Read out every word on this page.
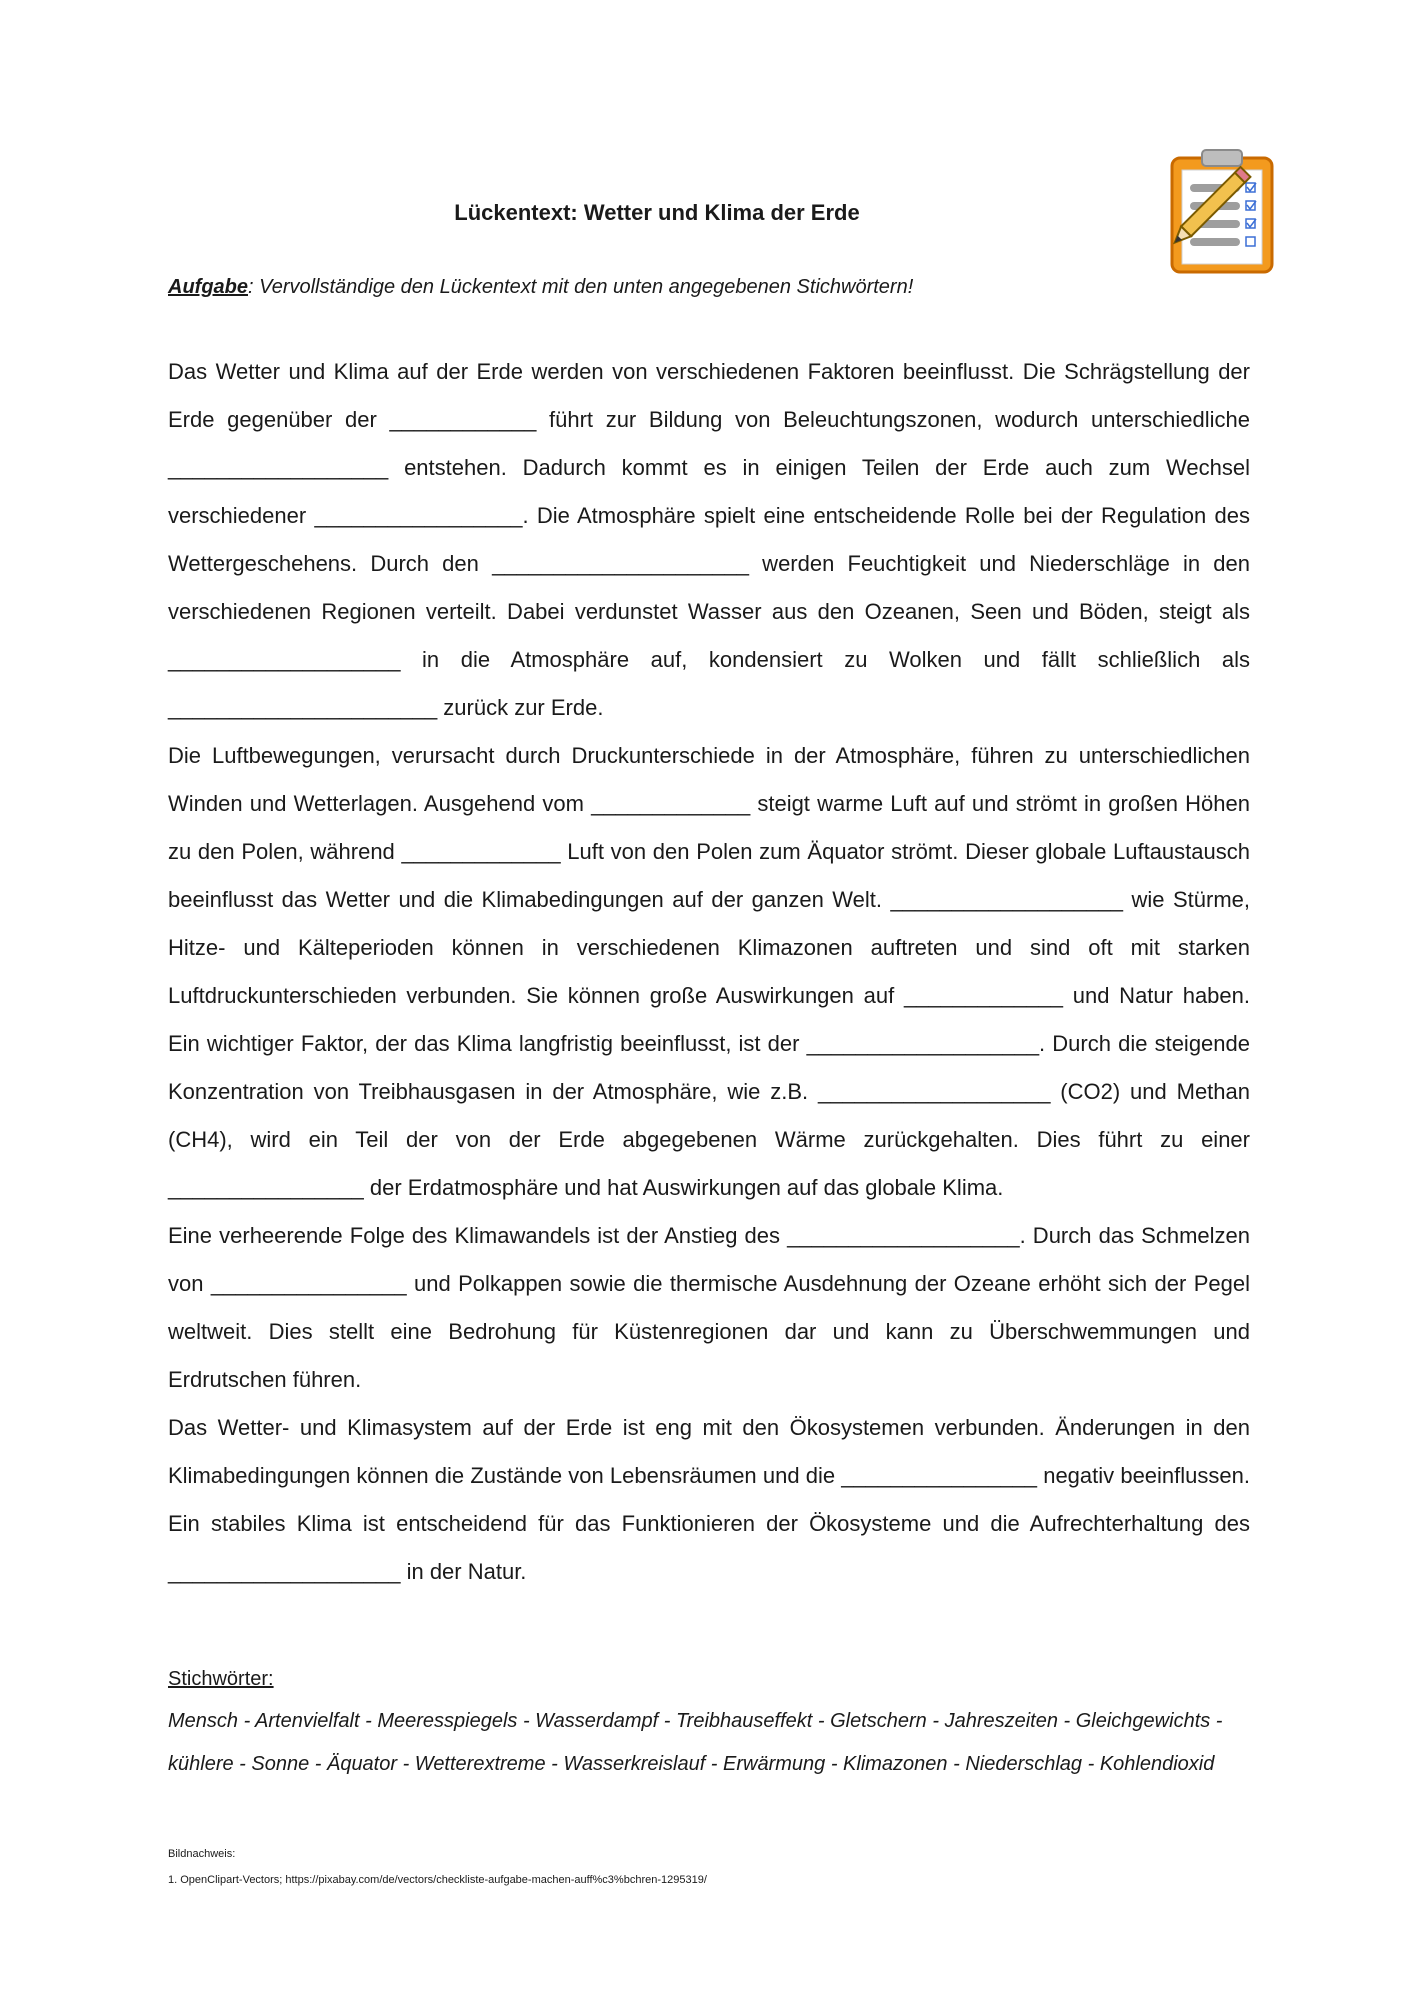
Lückentext: Wetter und Klima der Erde
Aufgabe: Vervollständige den Lückentext mit den unten angegebenen Stichwörtern!

Das Wetter und Klima auf der Erde werden von verschiedenen Faktoren beeinflusst. Die Schrägstellung der Erde gegenüber der ____________ führt zur Bildung von Beleuchtungszonen, wodurch unterschiedliche __________________ entstehen. Dadurch kommt es in einigen Teilen der Erde auch zum Wechsel verschiedener _________________. Die Atmosphäre spielt eine entscheidende Rolle bei der Regulation des Wettergeschehens. Durch den _____________________ werden Feuchtigkeit und Niederschläge in den verschiedenen Regionen verteilt. Dabei verdunstet Wasser aus den Ozeanen, Seen und Böden, steigt als ___________________ in die Atmosphäre auf, kondensiert zu Wolken und fällt schließlich als ______________________ zurück zur Erde.

Die Luftbewegungen, verursacht durch Druckunterschiede in der Atmosphäre, führen zu unterschiedlichen Winden und Wetterlagen. Ausgehend vom _____________ steigt warme Luft auf und strömt in großen Höhen zu den Polen, während _____________ Luft von den Polen zum Äquator strömt. Dieser globale Luftaustausch beeinflusst das Wetter und die Klimabedingungen auf der ganzen Welt. ___________________ wie Stürme, Hitze- und Kälteperioden können in verschiedenen Klimazonen auftreten und sind oft mit starken Luftdruckunterschieden verbunden. Sie können große Auswirkungen auf _____________ und Natur haben. Ein wichtiger Faktor, der das Klima langfristig beeinflusst, ist der ___________________. Durch die steigende Konzentration von Treibhausgasen in der Atmosphäre, wie z.B. ___________________ (CO2) und Methan (CH4), wird ein Teil der von der Erde abgegebenen Wärme zurückgehalten. Dies führt zu einer ________________ der Erdatmosphäre und hat Auswirkungen auf das globale Klima.

Eine verheerende Folge des Klimawandels ist der Anstieg des ___________________. Durch das Schmelzen von ________________ und Polkappen sowie die thermische Ausdehnung der Ozeane erhöht sich der Pegel weltweit. Dies stellt eine Bedrohung für Küstenregionen dar und kann zu Überschwemmungen und Erdrutschen führen.

Das Wetter- und Klimasystem auf der Erde ist eng mit den Ökosystemen verbunden. Änderungen in den Klimabedingungen können die Zustände von Lebensräumen und die ________________ negativ beeinflussen. Ein stabiles Klima ist entscheidend für das Funktionieren der Ökosysteme und die Aufrechterhaltung des ___________________ in der Natur.

Stichwörter:
Mensch - Artenvielfalt - Meeresspiegels - Wasserdampf - Treibhauseffekt - Gletschern - Jahreszeiten - Gleichgewichts - kühlere - Sonne - Äquator - Wetterextreme - Wasserkreislauf - Erwärmung - Klimazonen - Niederschlag - Kohlendioxid
Bildnachweis:
1. OpenClipart-Vectors; https://pixabay.com/de/vectors/checkliste-aufgabe-machen-auff%c3%bchren-1295319/
